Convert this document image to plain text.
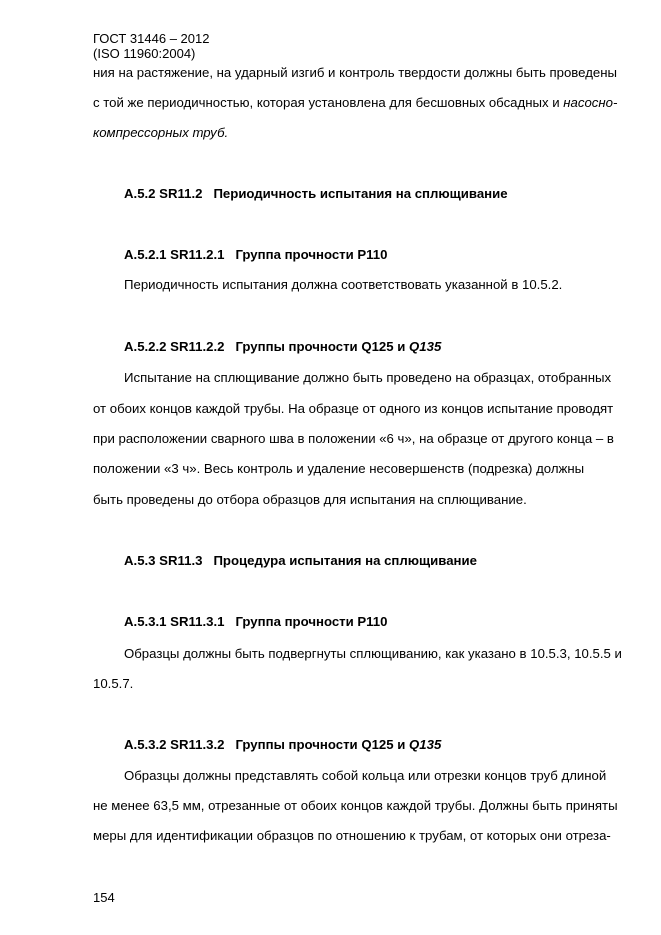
ГОСТ 31446 – 2012
(ISO 11960:2004)
ния на растяжение, на ударный изгиб и контроль твердости должны быть проведены
с той же периодичностью, которая установлена для бесшовных обсадных и насосно-
компрессорных труб.
А.5.2 SR11.2 Периодичность испытания на сплющивание
А.5.2.1 SR11.2.1 Группа прочности Р110
Периодичность испытания должна соответствовать указанной в 10.5.2.
А.5.2.2 SR11.2.2 Группы прочности Q125 и Q135
Испытание на сплющивание должно быть проведено на образцах, отобранных
от обоих концов каждой трубы. На образце от одного из концов испытание проводят
при расположении сварного шва в положении «6 ч», на образце от другого конца – в
положении «3 ч». Весь контроль и удаление несовершенств (подрезка) должны
быть проведены до отбора образцов для испытания на сплющивание.
А.5.3 SR11.3 Процедура испытания на сплющивание
А.5.3.1 SR11.3.1 Группа прочности Р110
Образцы должны быть подвергнуты сплющиванию, как указано в 10.5.3, 10.5.5 и
10.5.7.
А.5.3.2 SR11.3.2 Группы прочности Q125 и Q135
Образцы должны представлять собой кольца или отрезки концов труб длиной
не менее 63,5 мм, отрезанные от обоих концов каждой трубы. Должны быть приняты
меры для идентификации образцов по отношению к трубам, от которых они отреза-
154
